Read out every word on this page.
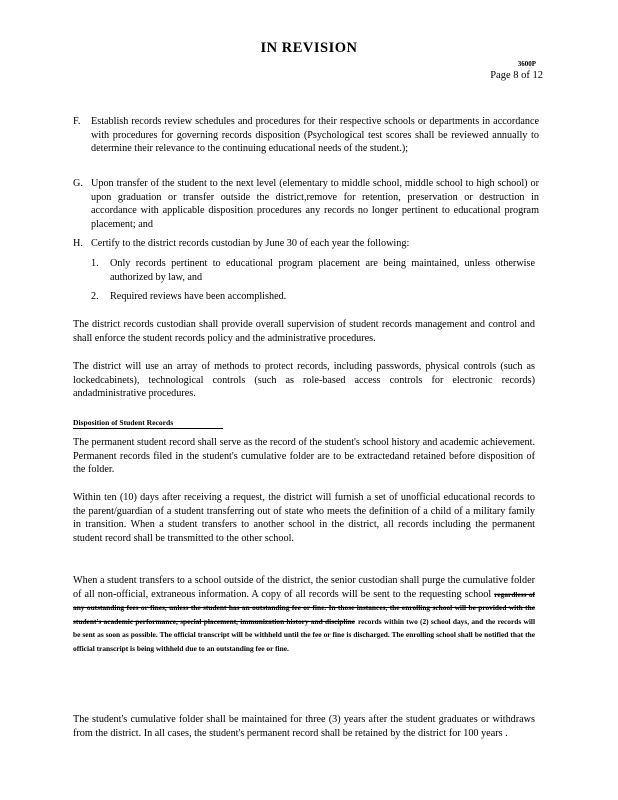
IN REVISION
3600P
Page 8 of 12
F. Establish records review schedules and procedures for their respective schools or departments in accordance with procedures for governing records disposition (Psychological test scores shall be reviewed annually to determine their relevance to the continuing educational needs of the student.);
G. Upon transfer of the student to the next level (elementary to middle school, middle school to high school) or upon graduation or transfer outside the district,remove for retention, preservation or destruction in accordance with applicable disposition procedures any records no longer pertinent to educational program placement; and
H. Certify to the district records custodian by June 30 of each year the following:
1. Only records pertinent to educational program placement are being maintained, unless otherwise authorized by law, and
2. Required reviews have been accomplished.
The district records custodian shall provide overall supervision of student records management and control and shall enforce the student records policy and the administrative procedures.
The district will use an array of methods to protect records, including passwords, physical controls (such as lockedcabinets), technological controls (such as role-based access controls for electronic records) andadministrative procedures.
Disposition of Student Records
The permanent student record shall serve as the record of the student's school history and academic achievement. Permanent records filed in the student's cumulative folder are to be extractedand retained before disposition of the folder.
Within ten (10) days after receiving a request, the district will furnish a set of unofficial educational records to the parent/guardian of a student transferring out of state who meets the definition of a child of a military family in transition. When a student transfers to another school in the district, all records including the permanent student record shall be transmitted to the other school.
When a student transfers to a school outside of the district, the senior custodian shall purge the cumulative folder of all non-official, extraneous information. A copy of all records will be sent to the requesting school regardless of any outstanding fees or fines, unless the student has an outstanding fee or fine. In those instances, the enrolling school will be provided with the student's academic performance, special placement, immunization history and discipline records within two (2) school days, and the records will be sent as soon as possible. The official transcript will be withheld until the fee or fine is discharged. The enrolling school shall be notified that the official transcript is being withheld due to an outstanding fee or fine.
The student's cumulative folder shall be maintained for three (3) years after the student graduates or withdraws from the district. In all cases, the student's permanent record shall be retained by the district for 100 years .
